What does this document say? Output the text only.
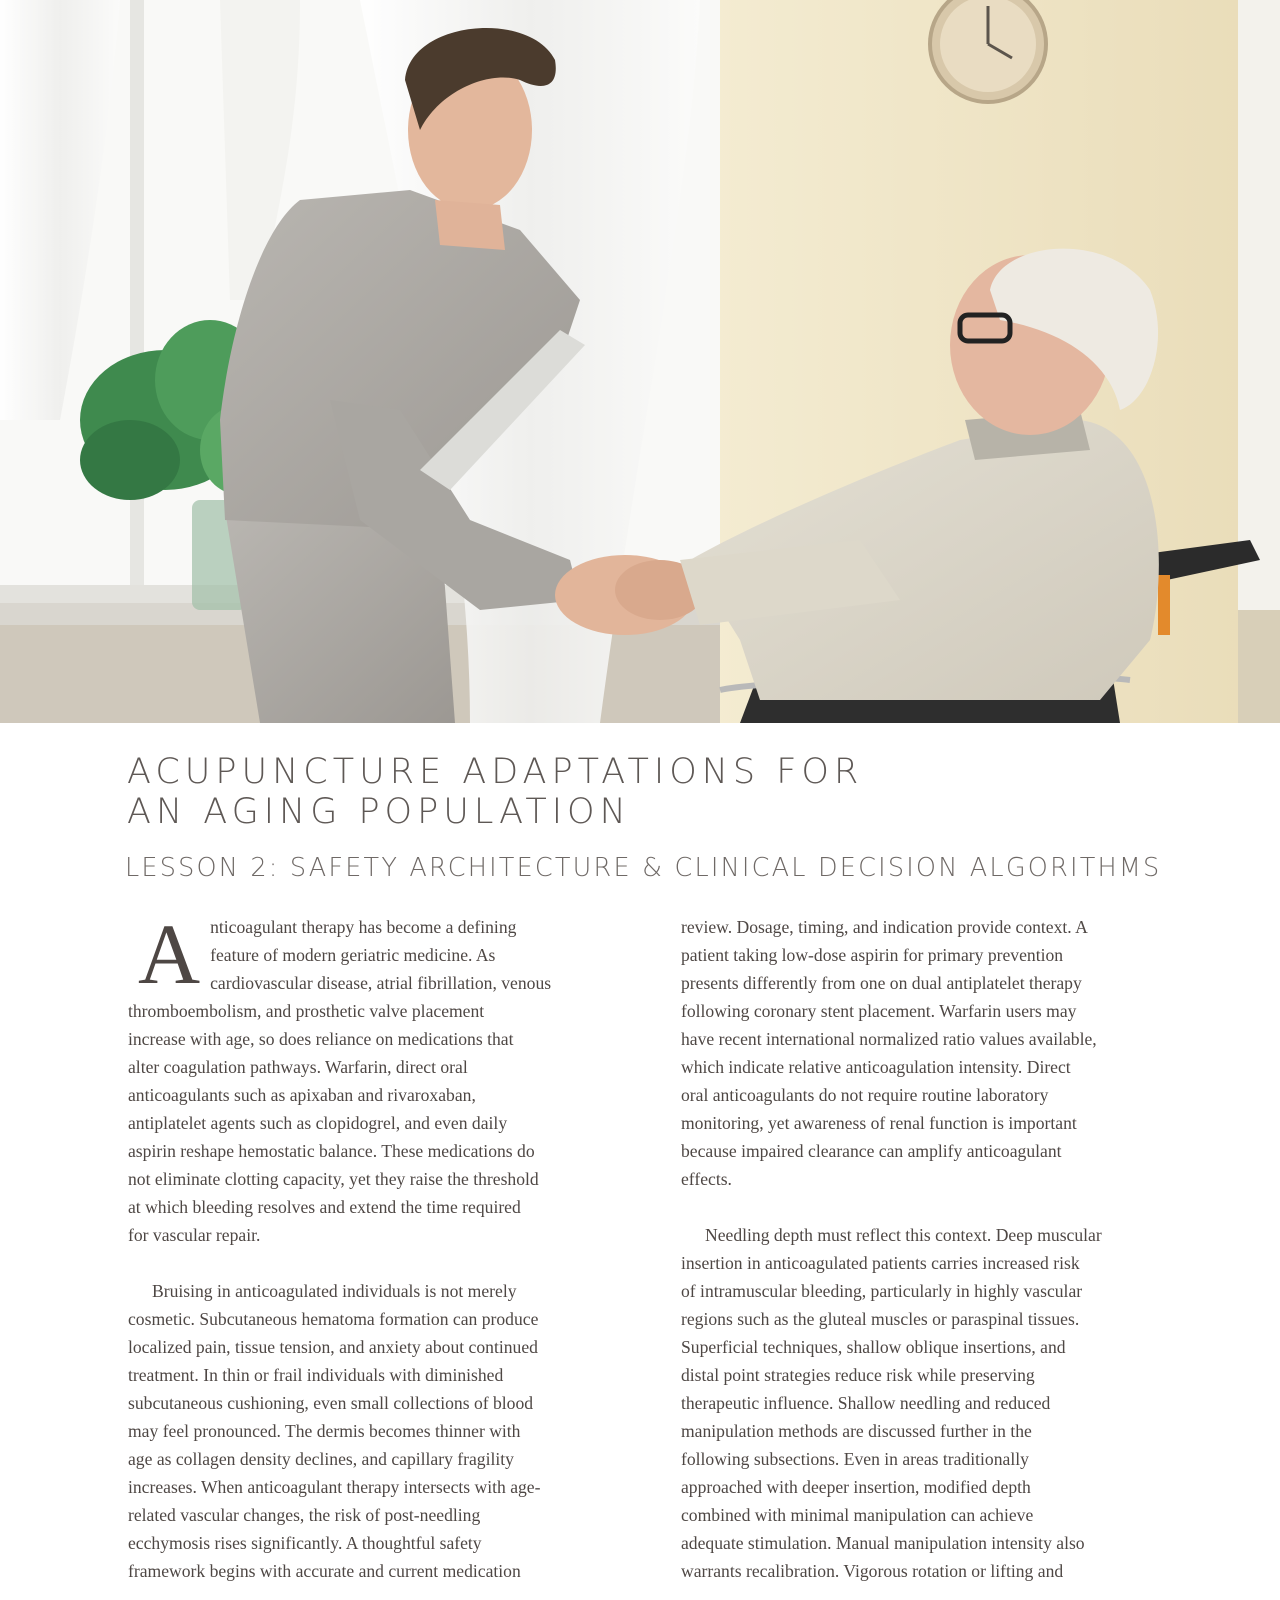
ACUPUNCTURE ADAPTATIONS FOR
AN AGING POPULATION
LESSON 2: SAFETY ARCHITECTURE & CLINICAL DECISION ALGORITHMS

A nticoagulant therapy has become a defining
feature of modern geriatric medicine. As
cardiovascular disease, atrial fibrillation, venous
thromboembolism, and prosthetic valve placement
increase with age, so does reliance on medications that
alter coagulation pathways. Warfarin, direct oral
anticoagulants such as apixaban and rivaroxaban,
antiplatelet agents such as clopidogrel, and even daily
aspirin reshape hemostatic balance. These medications do
not eliminate clotting capacity, yet they raise the threshold
at which bleeding resolves and extend the time required
for vascular repair.

Bruising in anticoagulated individuals is not merely
cosmetic. Subcutaneous hematoma formation can produce
localized pain, tissue tension, and anxiety about continued
treatment. In thin or frail individuals with diminished
subcutaneous cushioning, even small collections of blood
may feel pronounced. The dermis becomes thinner with
age as collagen density declines, and capillary fragility
increases. When anticoagulant therapy intersects with age-
related vascular changes, the risk of post-needling
ecchymosis rises significantly. A thoughtful safety
framework begins with accurate and current medication

review. Dosage, timing, and indication provide context. A
patient taking low-dose aspirin for primary prevention
presents differently from one on dual antiplatelet therapy
following coronary stent placement. Warfarin users may
have recent international normalized ratio values available,
which indicate relative anticoagulation intensity. Direct
oral anticoagulants do not require routine laboratory
monitoring, yet awareness of renal function is important
because impaired clearance can amplify anticoagulant
effects.

Needling depth must reflect this context. Deep muscular
insertion in anticoagulated patients carries increased risk
of intramuscular bleeding, particularly in highly vascular
regions such as the gluteal muscles or paraspinal tissues.
Superficial techniques, shallow oblique insertions, and
distal point strategies reduce risk while preserving
therapeutic influence. Shallow needling and reduced
manipulation methods are discussed further in the
following subsections. Even in areas traditionally
approached with deeper insertion, modified depth
combined with minimal manipulation can achieve
adequate stimulation. Manual manipulation intensity also
warrants recalibration. Vigorous rotation or lifting and
